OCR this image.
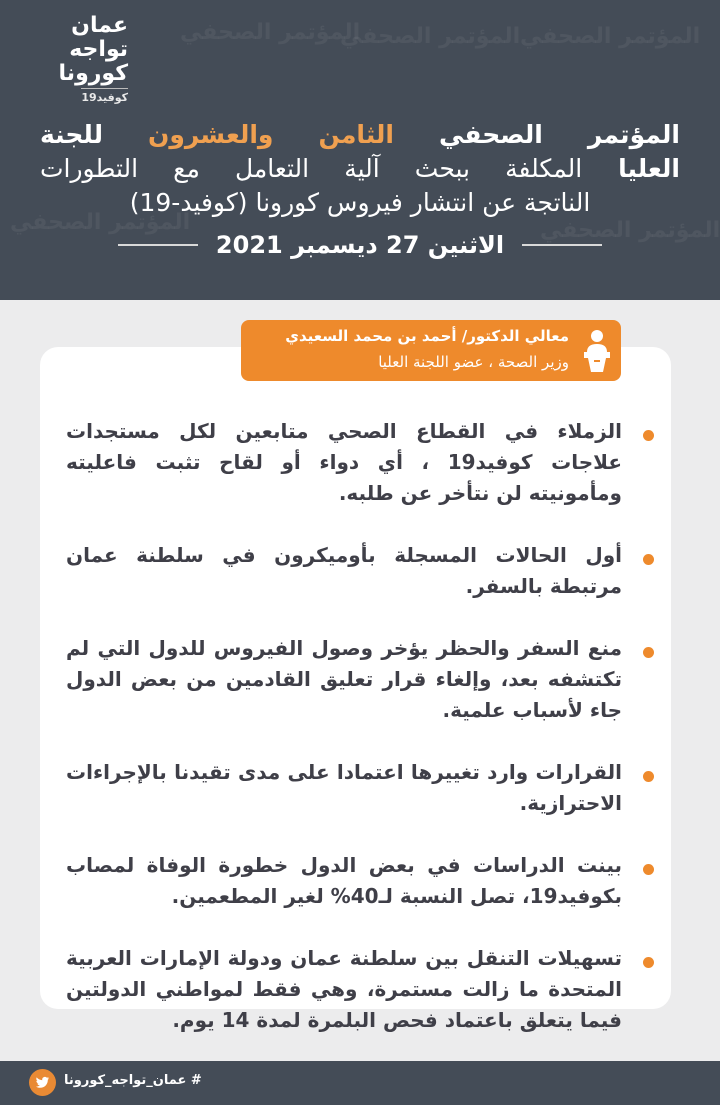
المؤتمر الصحفي
المؤتمر الصحفي المؤتمر الصحفي
المؤتمر الصحفي	المؤتمر الصحفي
عمان
تواجه
كورونا
كوفيد19
المؤتمر الصحفي الثامن والعشرون للجنة
العليا المكلفة ببحث آلية التعامل مع التطورات
الناتجة عن انتشار فيروس كورونا (كوفيد-19)
الاثنين 27 ديسمبر 2021
معالي الدكتور/ أحمد بن محمد السعيدي
وزير الصحة ، عضو اللجنة العليا
الزملاء في القطاع الصحي متابعين لكل مستجدات علاجات كوفيد19 ، أي دواء أو لقاح تثبت فاعليته ومأمونيته لن نتأخر عن طلبه.
أول الحالات المسجلة بأوميكرون في سلطنة عمان مرتبطة بالسفر.
منع السفر والحظر يؤخر وصول الفيروس للدول التي لم تكتشفه بعد، وإلغاء قرار تعليق القادمين من بعض الدول جاء لأسباب علمية.
القرارات وارد تغييرها اعتمادا على مدى تقيدنا بالإجراءات الاحترازية.
بينت الدراسات في بعض الدول خطورة الوفاة لمصاب بكوفيد19، تصل النسبة لـ40% لغير المطعمين.
تسهيلات التنقل بين سلطنة عمان ودولة الإمارات العربية المتحدة ما زالت مستمرة، وهي فقط لمواطني الدولتين فيما يتعلق باعتماد فحص البلمرة لمدة 14 يوم.
# عمان_تواجه_كورونا
